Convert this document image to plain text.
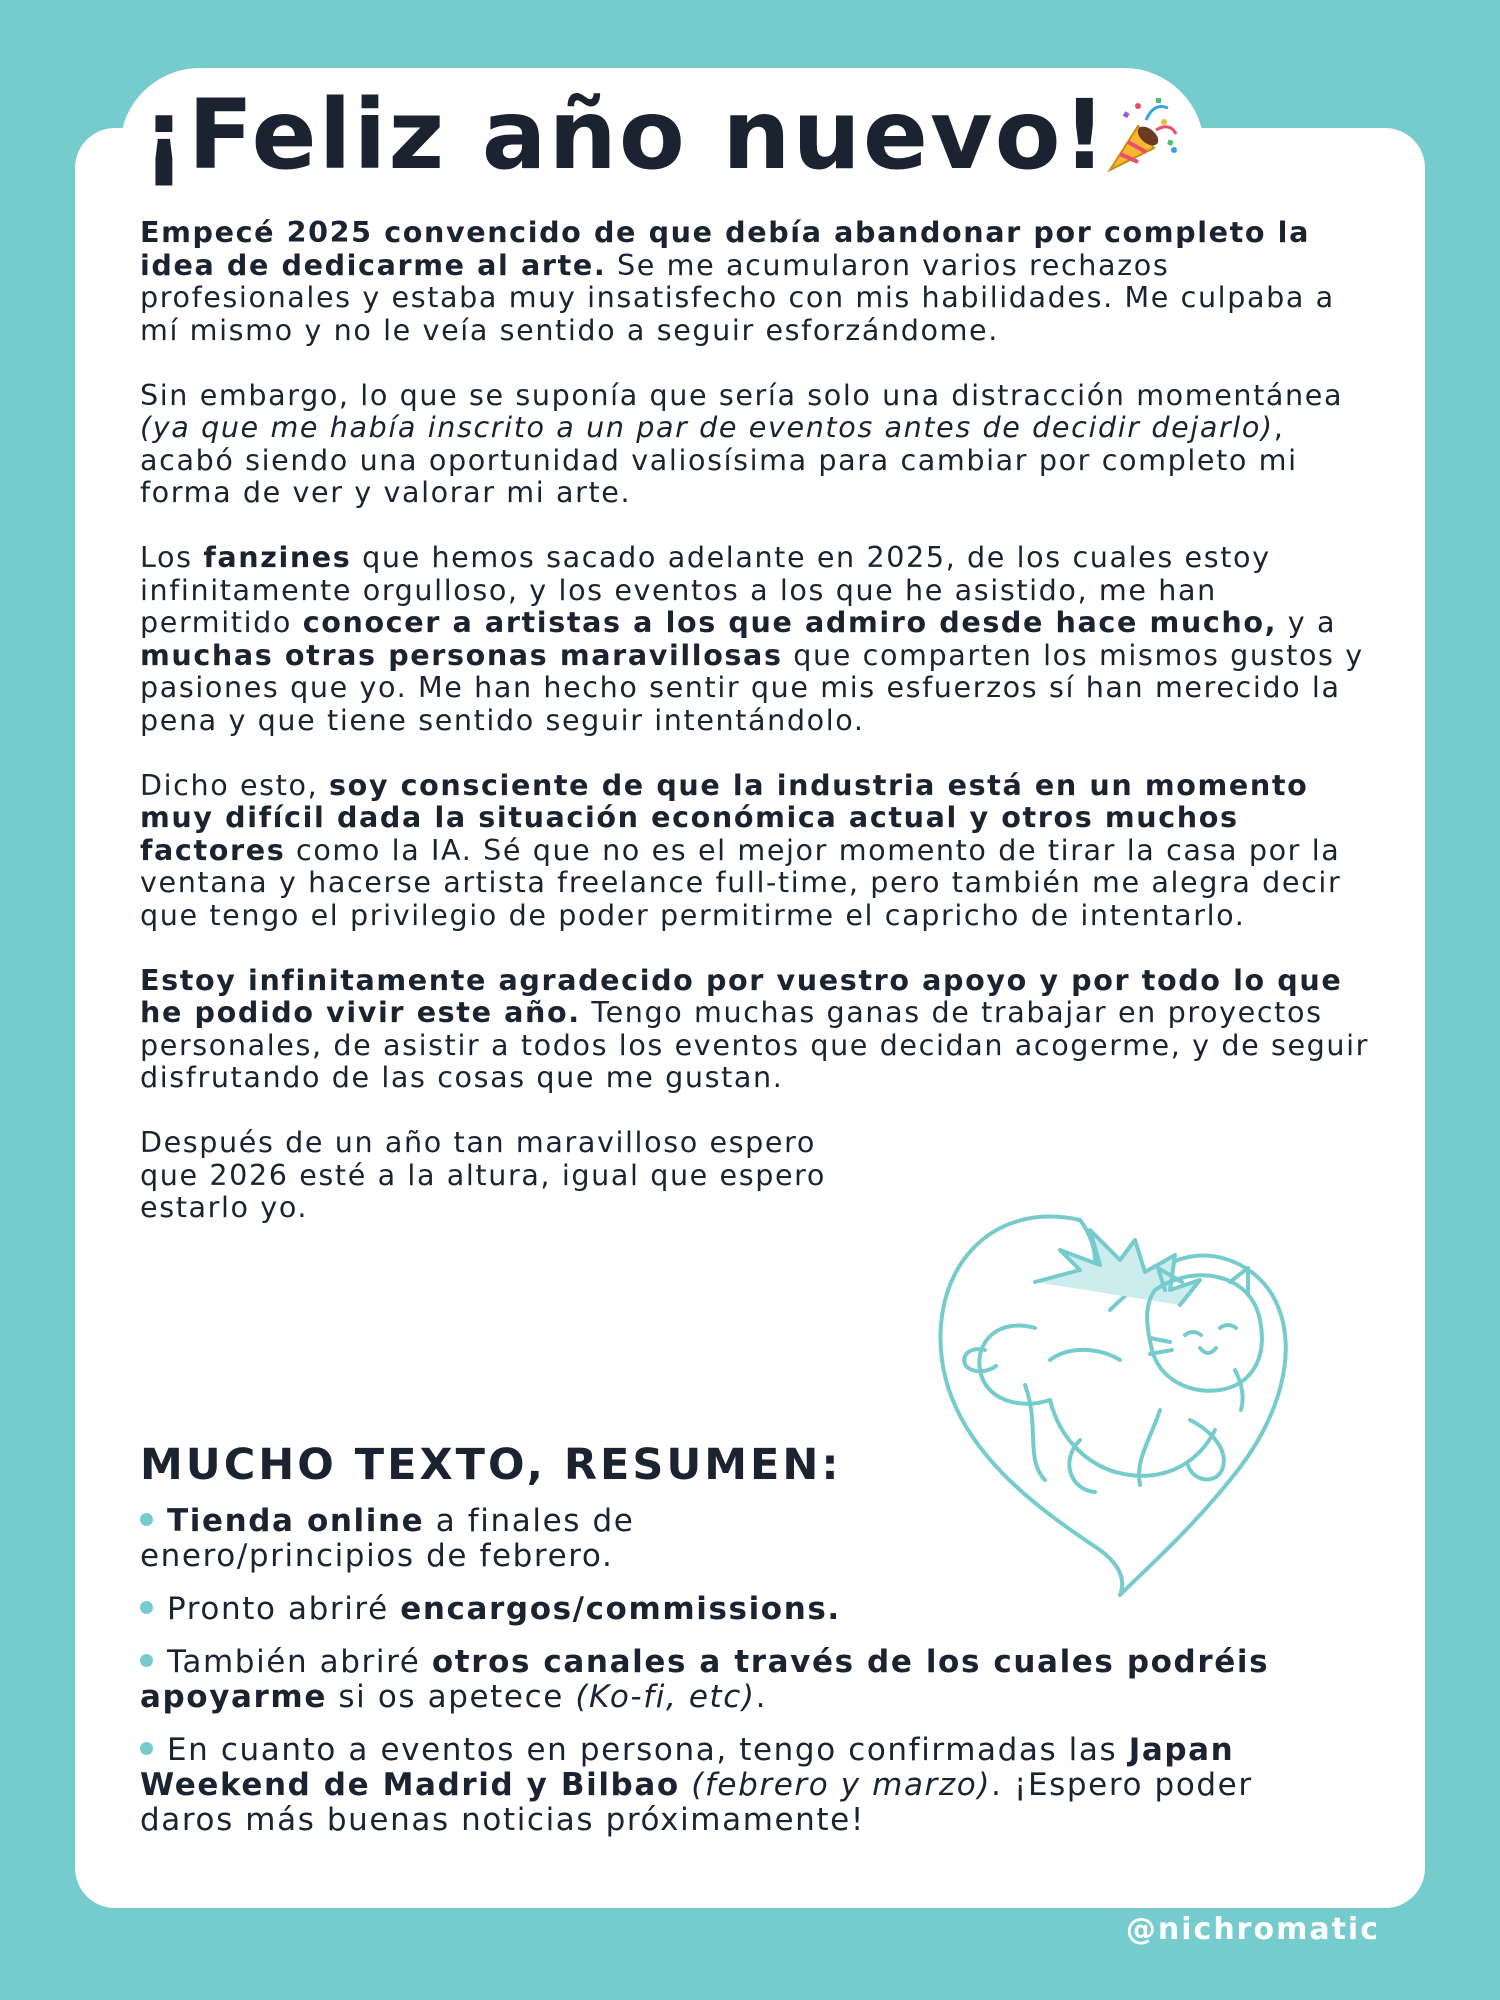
¡Feliz año nuevo!

Empecé 2025 convencido de que debía abandonar por completo la idea de dedicarme al arte. Se me acumularon varios rechazos profesionales y estaba muy insatisfecho con mis habilidades. Me culpaba a mí mismo y no le veía sentido a seguir esforzándome.

Sin embargo, lo que se suponía que sería solo una distracción momentánea (ya que me había inscrito a un par de eventos antes de decidir dejarlo), acabó siendo una oportunidad valiosísima para cambiar por completo mi forma de ver y valorar mi arte.

Los fanzines que hemos sacado adelante en 2025, de los cuales estoy infinitamente orgulloso, y los eventos a los que he asistido, me han permitido conocer a artistas a los que admiro desde hace mucho, y a muchas otras personas maravillosas que comparten los mismos gustos y pasiones que yo. Me han hecho sentir que mis esfuerzos sí han merecido la pena y que tiene sentido seguir intentándolo.

Dicho esto, soy consciente de que la industria está en un momento muy difícil dada la situación económica actual y otros muchos factores como la IA. Sé que no es el mejor momento de tirar la casa por la ventana y hacerse artista freelance full-time, pero también me alegra decir que tengo el privilegio de poder permitirme el capricho de intentarlo.

Estoy infinitamente agradecido por vuestro apoyo y por todo lo que he podido vivir este año. Tengo muchas ganas de trabajar en proyectos personales, de asistir a todos los eventos que decidan acogerme, y de seguir disfrutando de las cosas que me gustan.

Después de un año tan maravilloso espero que 2026 esté a la altura, igual que espero estarlo yo.

MUCHO TEXTO, RESUMEN:
Tienda online a finales de enero/principios de febrero.
Pronto abriré encargos/commissions.
También abriré otros canales a través de los cuales podréis apoyarme si os apetece (Ko-fi, etc).
En cuanto a eventos en persona, tengo confirmadas las Japan Weekend de Madrid y Bilbao (febrero y marzo). ¡Espero poder daros más buenas noticias próximamente!
@nichromatic
